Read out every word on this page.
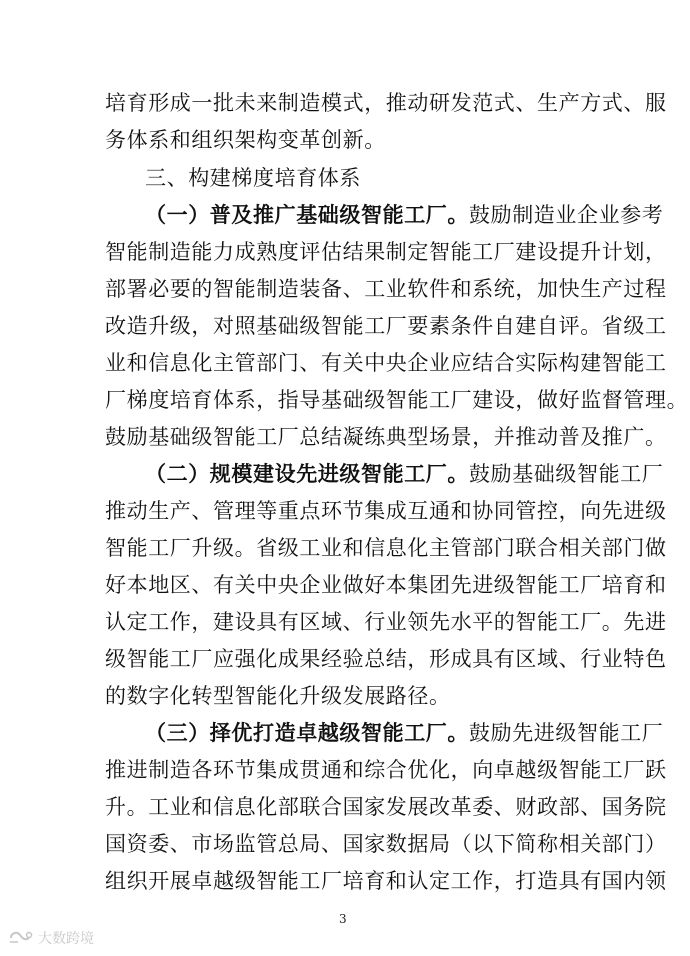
培育形成一批未来制造模式，推动研发范式、生产方式、服
务体系和组织架构变革创新。
三、构建梯度培育体系
（一）普及推广基础级智能工厂。鼓励制造业企业参考
智能制造能力成熟度评估结果制定智能工厂建设提升计划，
部署必要的智能制造装备、工业软件和系统，加快生产过程
改造升级，对照基础级智能工厂要素条件自建自评。省级工
业和信息化主管部门、有关中央企业应结合实际构建智能工
厂梯度培育体系，指导基础级智能工厂建设，做好监督管理。
鼓励基础级智能工厂总结凝练典型场景，并推动普及推广。
（二）规模建设先进级智能工厂。鼓励基础级智能工厂
推动生产、管理等重点环节集成互通和协同管控，向先进级
智能工厂升级。省级工业和信息化主管部门联合相关部门做
好本地区、有关中央企业做好本集团先进级智能工厂培育和
认定工作，建设具有区域、行业领先水平的智能工厂。先进
级智能工厂应强化成果经验总结，形成具有区域、行业特色
的数字化转型智能化升级发展路径。
（三）择优打造卓越级智能工厂。鼓励先进级智能工厂
推进制造各环节集成贯通和综合优化，向卓越级智能工厂跃
升。工业和信息化部联合国家发展改革委、财政部、国务院
国资委、市场监管总局、国家数据局（以下简称相关部门）
组织开展卓越级智能工厂培育和认定工作，打造具有国内领
3
大数跨境
